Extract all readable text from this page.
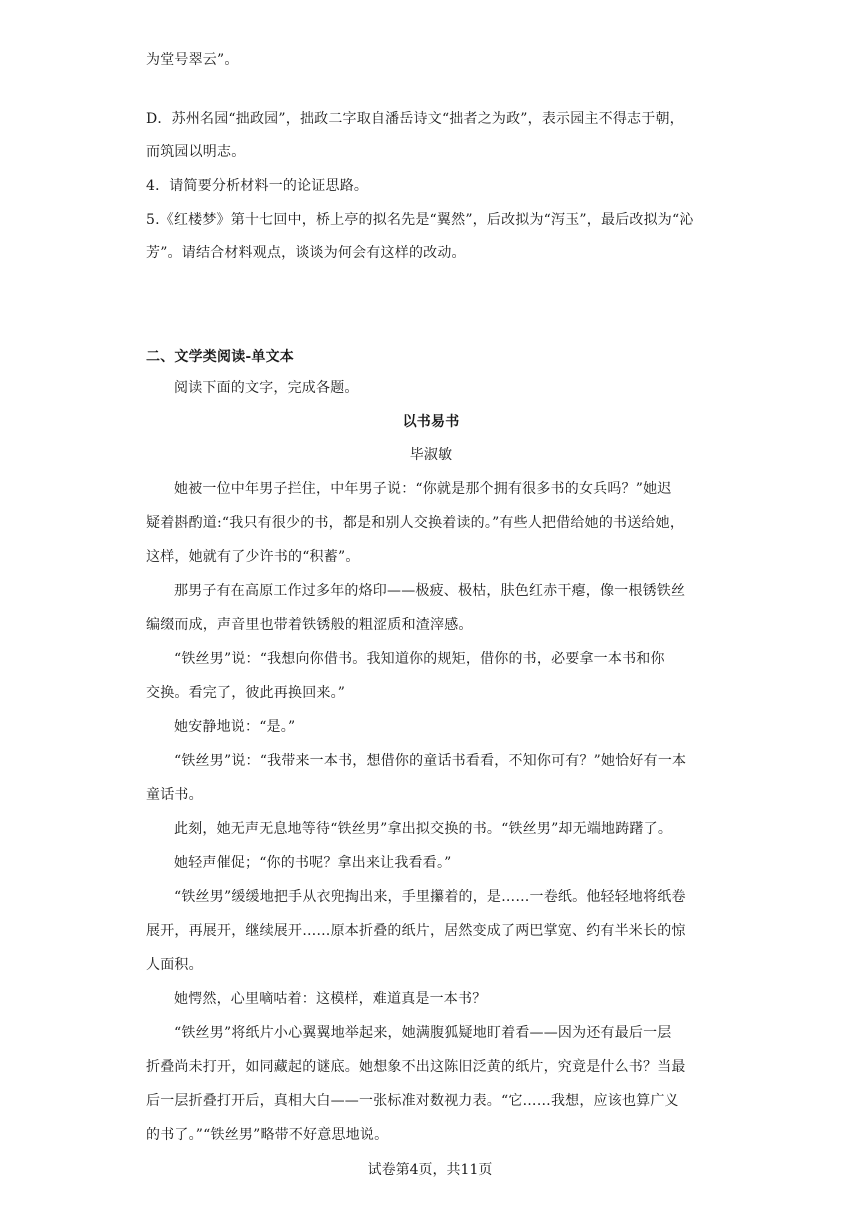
为堂号翠云”。
D．苏州名园“拙政园”，拙政二字取自潘岳诗文“拙者之为政”，表示园主不得志于朝，
而筑园以明志。
4．请简要分析材料一的论证思路。
5.《红楼梦》第十七回中，桥上亭的拟名先是“翼然”，后改拟为“泻玉”，最后改拟为“沁
芳”。请结合材料观点，谈谈为何会有这样的改动。
二、文学类阅读-单文本
阅读下面的文字，完成各题。
以书易书
毕淑敏
她被一位中年男子拦住，中年男子说：“你就是那个拥有很多书的女兵吗？”她迟
疑着斟酌道:“我只有很少的书，都是和别人交换着读的。”有些人把借给她的书送给她，
这样，她就有了少许书的“积蓄”。
那男子有在高原工作过多年的烙印——极疲、极枯，肤色红赤干瘪，像一根锈铁丝
编缀而成，声音里也带着铁锈般的粗涩质和渣滓感。
“铁丝男”说：“我想向你借书。我知道你的规矩，借你的书，必要拿一本书和你
交换。看完了，彼此再换回来。”
她安静地说：“是。”
“铁丝男”说：“我带来一本书，想借你的童话书看看，不知你可有？”她恰好有一本
童话书。
此刻，她无声无息地等待“铁丝男”拿出拟交换的书。“铁丝男”却无端地踌躇了。
她轻声催促；“你的书呢？拿出来让我看看。”
“铁丝男”缓缓地把手从衣兜掏出来，手里攥着的，是……一卷纸。他轻轻地将纸卷
展开，再展开，继续展开……原本折叠的纸片，居然变成了两巴掌宽、约有半米长的惊
人面积。
她愕然，心里嘀咕着：这模样，难道真是一本书？
“铁丝男”将纸片小心翼翼地举起来，她满腹狐疑地盯着看——因为还有最后一层
折叠尚未打开，如同藏起的谜底。她想象不出这陈旧泛黄的纸片，究竟是什么书？当最
后一层折叠打开后，真相大白——一张标准对数视力表。“它……我想，应该也算广义
的书了。”“铁丝男”略带不好意思地说。
试卷第4页，共11页
